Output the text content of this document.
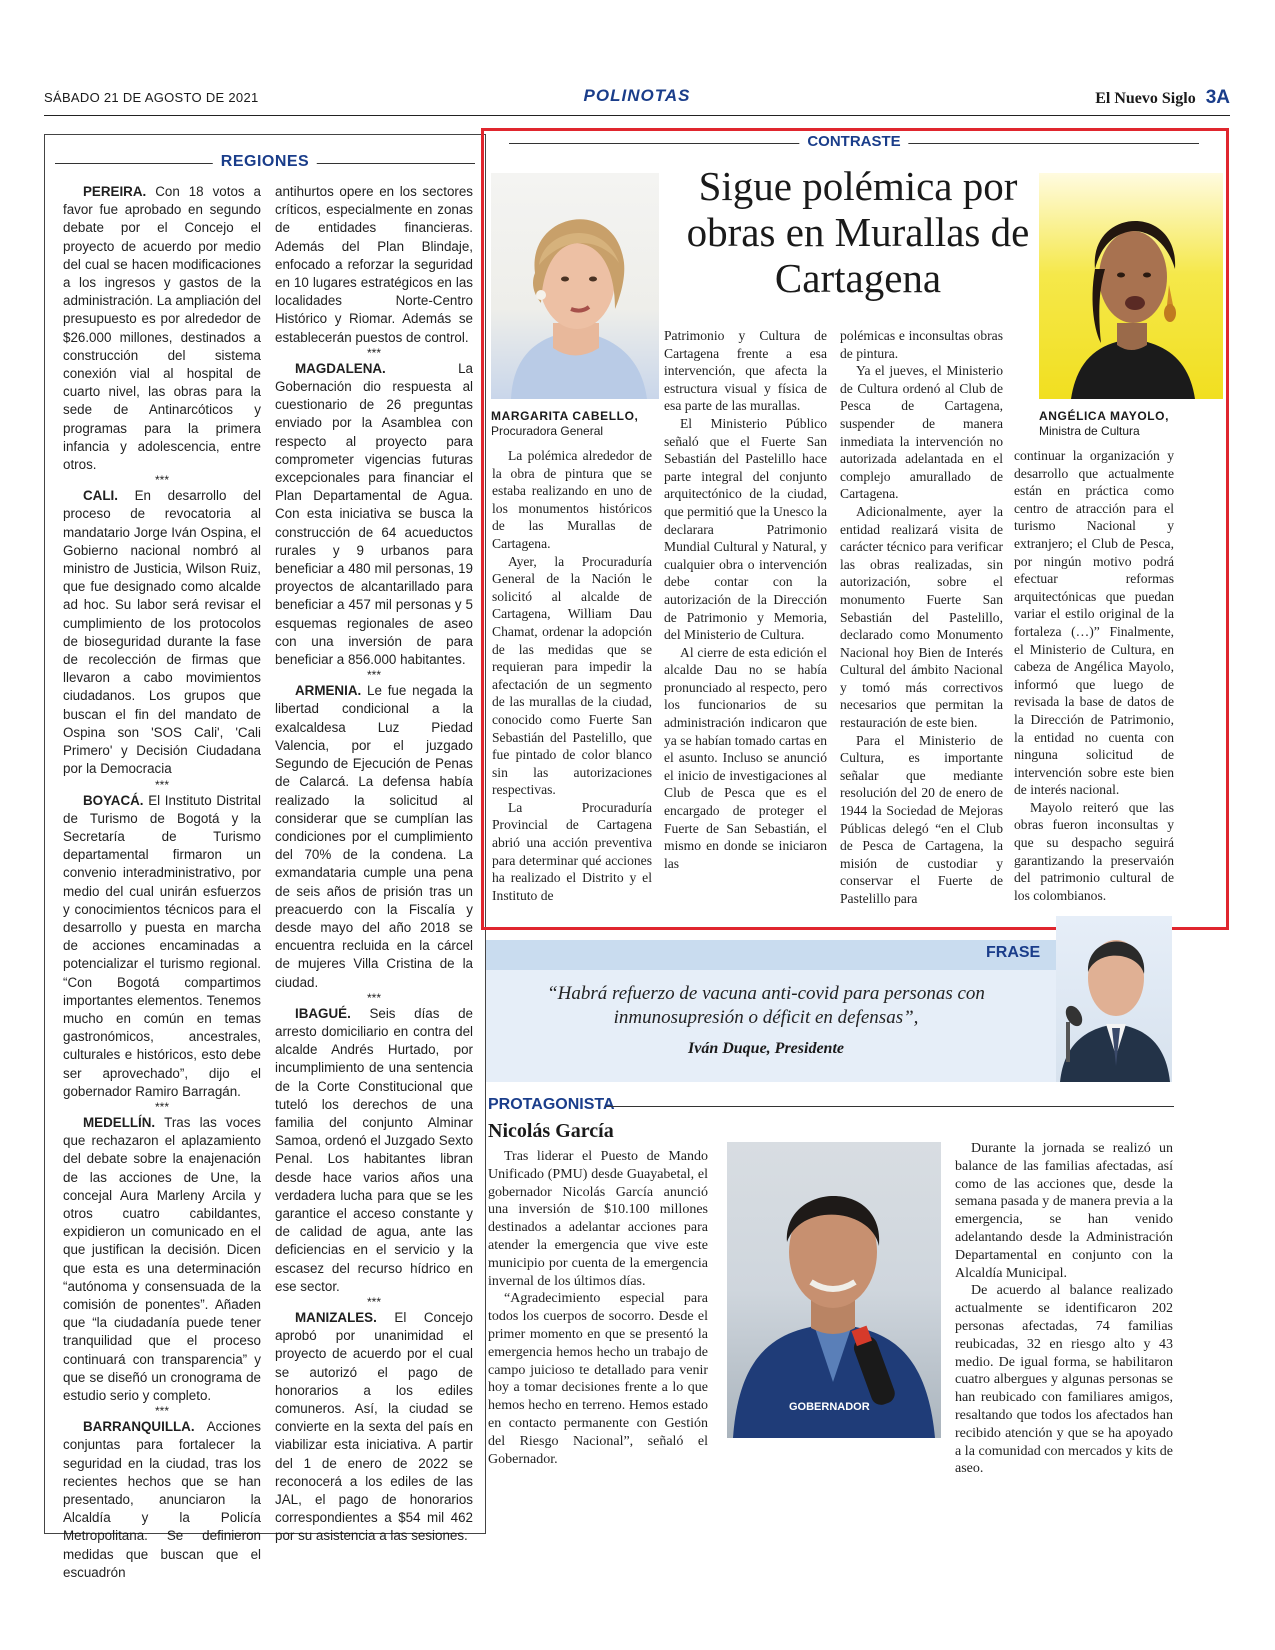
SÁBADO 21 DE AGOSTO DE 2021	POLINOTAS	El Nuevo Siglo 3A
REGIONES

PEREIRA. Con 18 votos a favor fue aprobado en segundo debate por el Concejo el proyecto de acuerdo por medio del cual se hacen modificaciones a los ingresos y gastos de la administración. La ampliación del presupuesto es por alrededor de $26.000 millones, destinados a construcción del sistema conexión vial al hospital de cuarto nivel, las obras para la sede de Antinarcóticos y programas para la primera infancia y adolescencia, entre otros.

***

CALI. En desarrollo del proceso de revocatoria al mandatario Jorge Iván Ospina, el Gobierno nacional nombró al ministro de Justicia, Wilson Ruiz, que fue designado como alcalde ad hoc. Su labor será revisar el cumplimiento de los protocolos de bioseguridad durante la fase de recolección de firmas que llevaron a cabo movimientos ciudadanos. Los grupos que buscan el fin del mandato de Ospina son 'SOS Cali', 'Cali Primero' y Decisión Ciudadana por la Democracia

***

BOYACÁ. El Instituto Distrital de Turismo de Bogotá y la Secretaría de Turismo departamental firmaron un convenio interadministrativo, por medio del cual unirán esfuerzos y conocimientos técnicos para el desarrollo y puesta en marcha de acciones encaminadas a potencializar el turismo regional. “Con Bogotá compartimos importantes elementos. Tenemos mucho en común en temas gastronómicos, ancestrales, culturales e históricos, esto debe ser aprovechado”, dijo el gobernador Ramiro Barragán.

***

MEDELLÍN. Tras las voces que rechazaron el aplazamiento del debate sobre la enajenación de las acciones de Une, la concejal Aura Marleny Arcila y otros cuatro cabildantes, expidieron un comunicado en el que justifican la decisión. Dicen que esta es una determinación “autónoma y consensuada de la comisión de ponentes”. Añaden que “la ciudadanía puede tener tranquilidad que el proceso continuará con transparencia” y que se diseñó un cronograma de estudio serio y completo.

***

BARRANQUILLA. Acciones conjuntas para fortalecer la seguridad en la ciudad, tras los recientes hechos que se han presentado, anunciaron la Alcaldía y la Policía Metropolitana. Se definieron medidas que buscan que el escuadrón

antihurtos opere en los sectores críticos, especialmente en zonas de entidades financieras. Además del Plan Blindaje, enfocado a reforzar la seguridad en 10 lugares estratégicos en las localidades Norte-Centro Histórico y Riomar. Además se establecerán puestos de control.

***

MAGDALENA.	La Gobernación dio respuesta al cuestionario de 26 preguntas enviado por la Asamblea con respecto al proyecto para comprometer vigencias futuras excepcionales para financiar el Plan Departamental de Agua. Con esta iniciativa se busca la construcción de 64 acueductos rurales y 9 urbanos para beneficiar a 480 mil personas, 19 proyectos de alcantarillado para beneficiar a 457 mil personas y 5 esquemas regionales de aseo con una inversión de para beneficiar a 856.000 habitantes.

***

ARMENIA. Le fue negada la libertad condicional a la exalcaldesa Luz Piedad Valencia, por el juzgado Segundo de Ejecución de Penas de Calarcá. La defensa había realizado la solicitud al considerar que se cumplían las condiciones por el cumplimiento del 70% de la condena. La exmandataria cumple una pena de seis años de prisión tras un preacuerdo con la Fiscalía y desde mayo del año 2018 se encuentra recluida en la cárcel de mujeres Villa Cristina de la ciudad.

***

IBAGUÉ. Seis días de arresto domiciliario en contra del alcalde Andrés Hurtado, por incumplimiento de una sentencia de la Corte Constitucional que tuteló los derechos de una familia del conjunto Alminar Samoa, ordenó el Juzgado Sexto Penal. Los habitantes libran desde hace varios años una verdadera lucha para que se les garantice el acceso constante y de calidad de agua, ante las deficiencias en el servicio y la escasez del recurso hídrico en ese sector.

***

MANIZALES. El Concejo aprobó por unanimidad el proyecto de acuerdo por el cual se autorizó el pago de honorarios a los ediles comuneros. Así, la ciudad se convierte en la sexta del país en viabilizar esta iniciativa. A partir del 1 de enero de 2022 se reconocerá a los ediles de las JAL, el pago de honorarios correspondientes a $54 mil 462 por su asistencia a las sesiones.

CONTRASTE
Sigue polémica por obras en Murallas de Cartagena
MARGARITA CABELLO,
Procuradora General
ANGÉLICA MAYOLO,
Ministra de Cultura

La polémica alrededor de la obra de pintura que se estaba realizando en uno de los monumentos históricos de las Murallas de Cartagena.

Ayer, la Procuraduría General de la Nación le solicitó al alcalde de Cartagena, William Dau Chamat, ordenar la adopción de las medidas que se requieran para impedir la afectación de un segmento de las murallas de la ciudad, conocido como Fuerte San Sebastián del Pastelillo, que fue pintado de color blanco sin las autorizaciones respectivas.

La Procuraduría Provincial de Cartagena abrió una acción preventiva para determinar qué acciones ha realizado el Distrito y el Instituto de

Patrimonio y Cultura de Cartagena frente a esa intervención, que afecta la estructura visual y física de esa parte de las murallas.

El Ministerio Público señaló que el Fuerte San Sebastián del Pastelillo hace parte integral del conjunto arquitectónico de la ciudad, que permitió que la Unesco la declarara Patrimonio Mundial Cultural y Natural, y cualquier obra o intervención debe contar con la autorización de la Dirección de Patrimonio y Memoria, del Ministerio de Cultura.

Al cierre de esta edición el alcalde Dau no se había pronunciado al respecto, pero los funcionarios de su administración indicaron que ya se habían tomado cartas en el asunto. Incluso se anunció el inicio de investigaciones al Club de Pesca que es el encargado de proteger el Fuerte de San Sebastián, el mismo en donde se iniciaron las

polémicas e inconsultas obras de pintura.

Ya el jueves, el Ministerio de Cultura ordenó al Club de Pesca de Cartagena, suspender de manera inmediata la intervención no autorizada adelantada en el complejo amurallado de Cartagena.

Adicionalmente, ayer la entidad realizará visita de carácter técnico para verificar las obras realizadas, sin autorización, sobre el monumento Fuerte San Sebastián del Pastelillo, declarado como Monumento Nacional hoy Bien de Interés Cultural del ámbito Nacional y tomó más correctivos necesarios que permitan la restauración de este bien.

Para el Ministerio de Cultura, es importante señalar que mediante resolución del 20 de enero de 1944 la Sociedad de Mejoras Públicas delegó “en el Club de Pesca de Cartagena, la misión de custodiar y conservar el Fuerte de Pastelillo para

continuar la organización y desarrollo que actualmente están en práctica como centro de atracción para el turismo Nacional y extranjero; el Club de Pesca, por ningún motivo podrá efectuar reformas arquitectónicas que puedan variar el estilo original de la fortaleza (…)” Finalmente, el Ministerio de Cultura, en cabeza de Angélica Mayolo, informó que luego de revisada la base de datos de la Dirección de Patrimonio, la entidad no cuenta con ninguna solicitud de intervención sobre este bien de interés nacional.

Mayolo reiteró que las obras fueron inconsultas y que su despacho seguirá garantizando la preservaión del patrimonio cultural de los colombianos.

FRASE
“Habrá refuerzo de vacuna anti-covid para personas con inmunosupresión o déficit en defensas”,
Iván Duque, Presidente
PROTAGONISTA
Nicolás García

Tras liderar el Puesto de Mando Unificado (PMU) desde Guayabetal, el gobernador Nicolás García anunció una inversión de $10.100 millones destinados a adelantar acciones para atender la emergencia que vive este municipio por cuenta de la emergencia invernal de los últimos días.

“Agradecimiento especial para todos los cuerpos de socorro. Desde el primer momento en que se presentó la emergencia hemos hecho un trabajo de campo juicioso te detallado para venir hoy a tomar decisiones frente a lo que hemos hecho en terreno. Hemos estado en contacto permanente con Gestión del Riesgo Nacional”, señaló el Gobernador.

GOBERNADOR

Durante la jornada se realizó un balance de las familias afectadas, así como de las acciones que, desde la semana pasada y de manera previa a la emergencia, se han venido adelantando desde la Administración Departamental en conjunto con la Alcaldía Municipal.

De acuerdo al balance realizado actualmente se identificaron 202 personas afectadas, 74 familias reubicadas, 32 en riesgo alto y 43 medio. De igual forma, se habilitaron cuatro albergues y algunas personas se han reubicado con familiares amigos, resaltando que todos los afectados han recibido atención y que se ha apoyado a la comunidad con mercados y kits de aseo.
